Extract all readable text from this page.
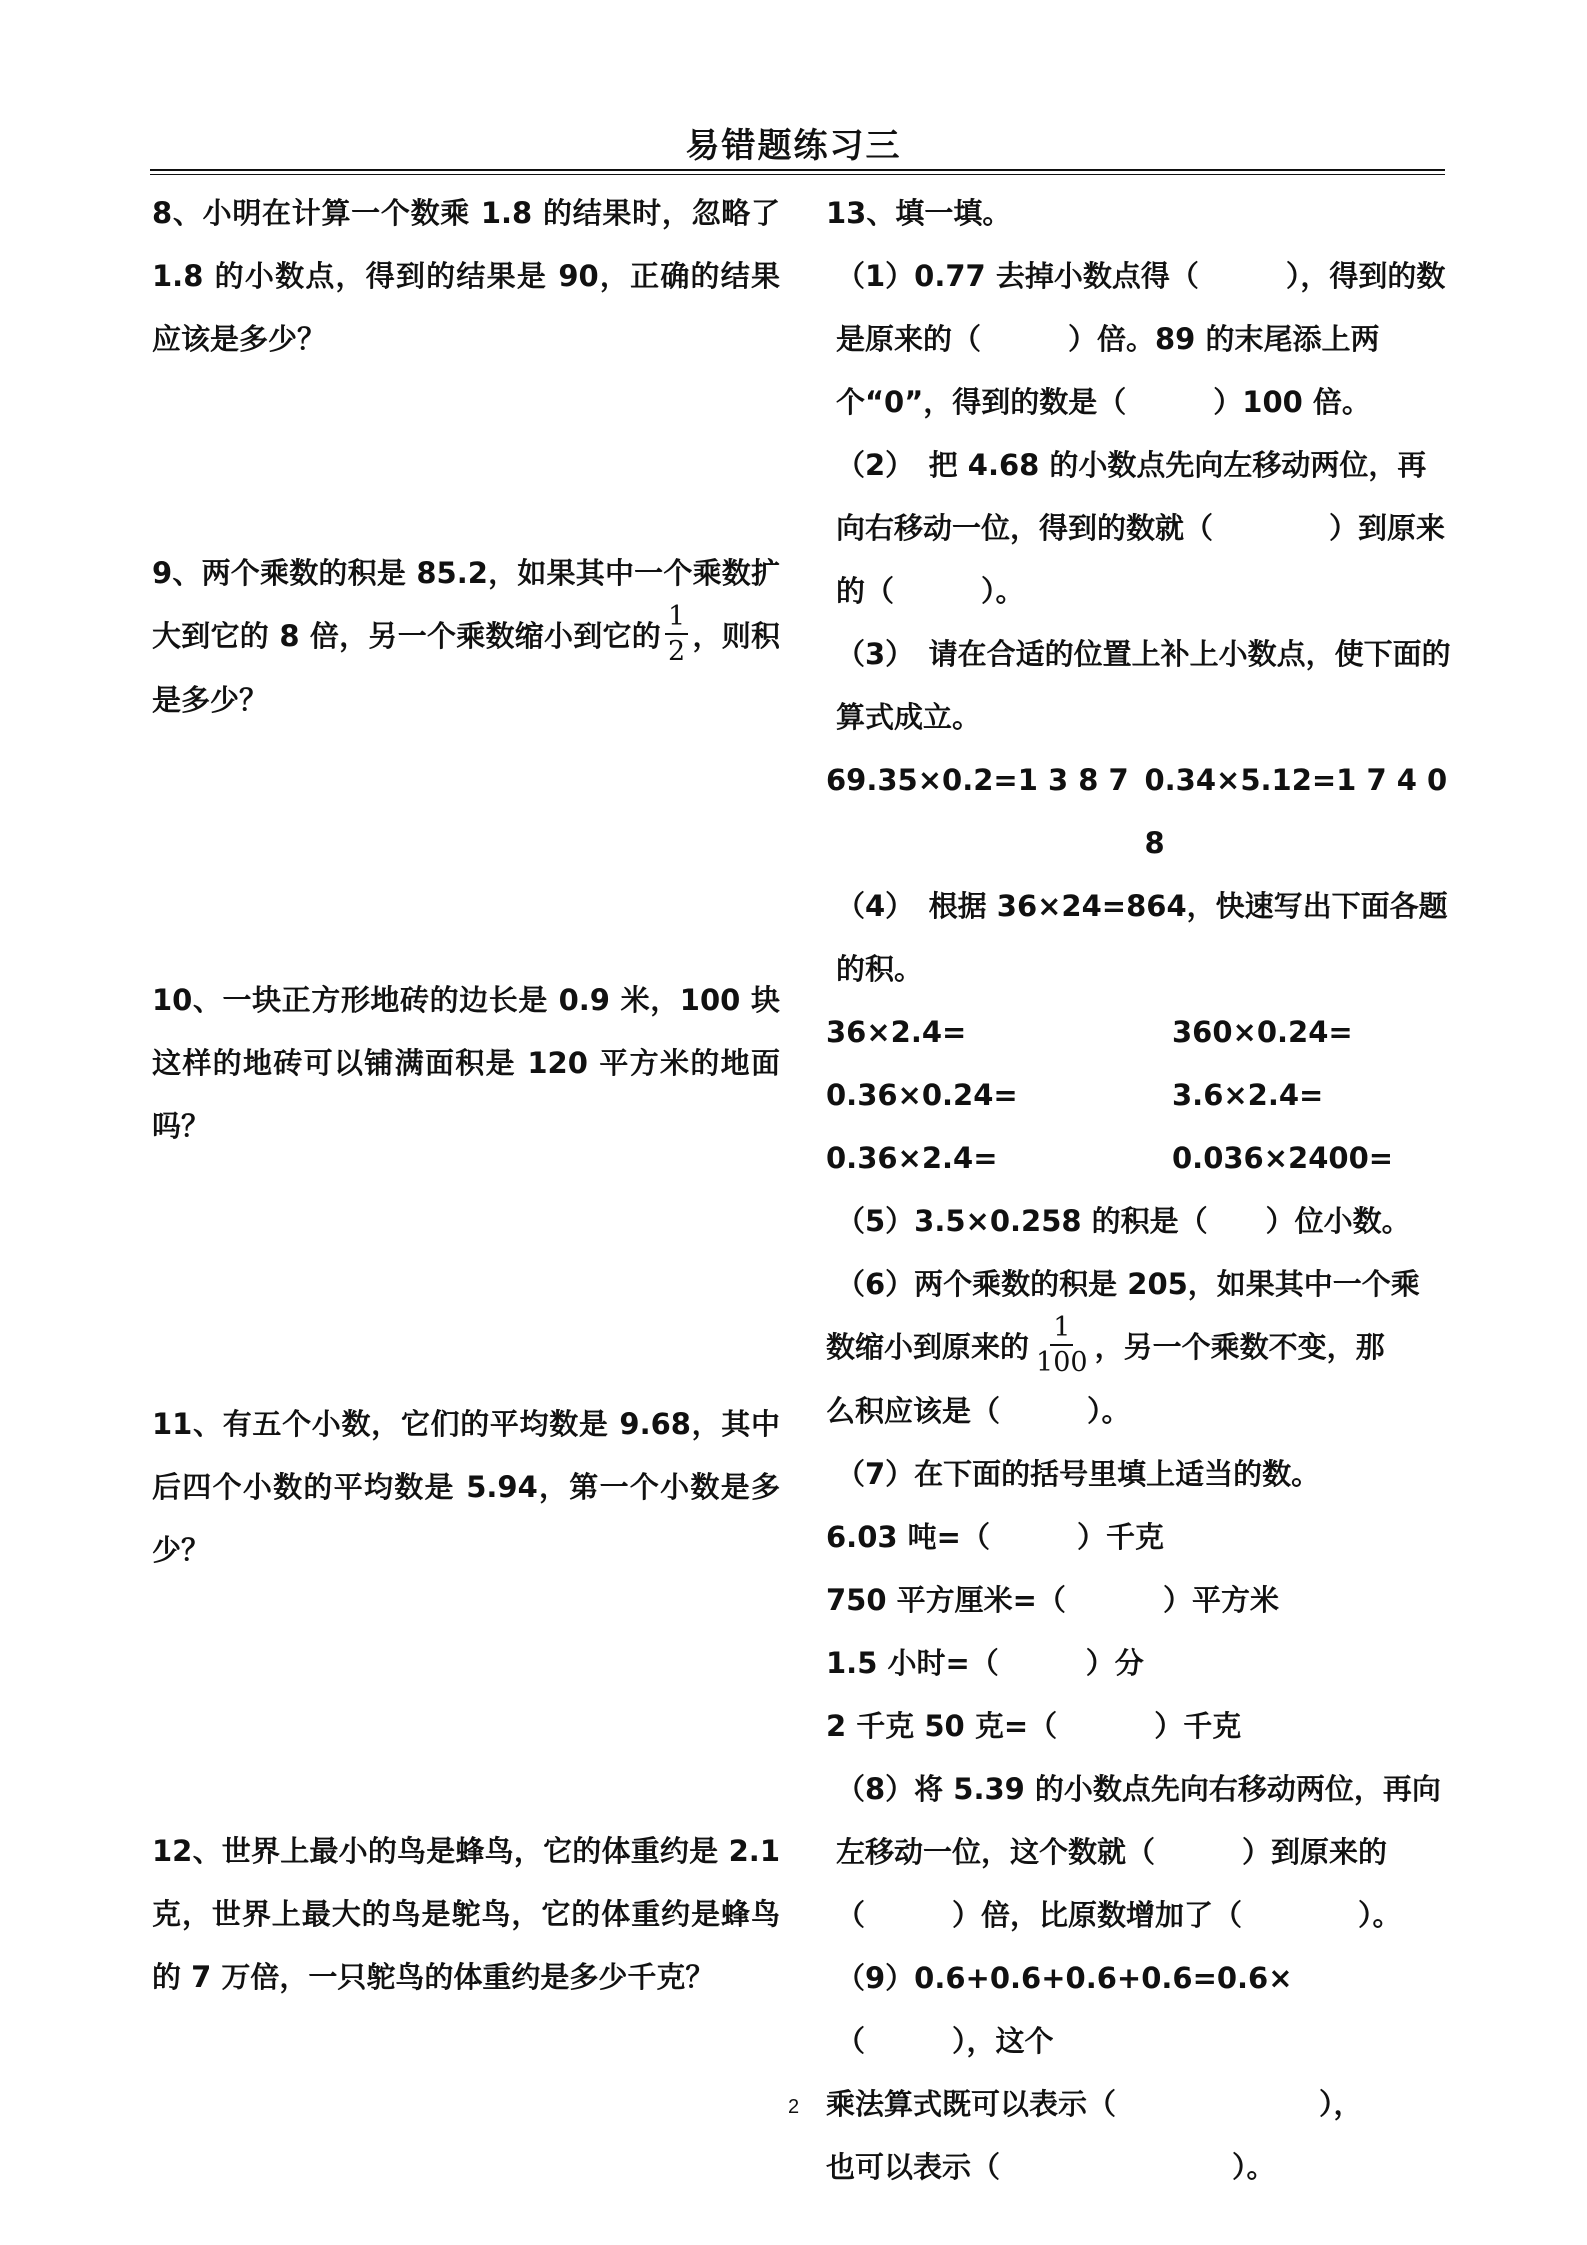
易错题练习三

8、小明在计算一个数乘 1.8 的结果时，忽略了 1.8 的小数点，得到的结果是 90，正确的结果应该是多少？

9、两个乘数的积是 85.2，如果其中一个乘数扩大到它的 8 倍，另一个乘数缩小到它的 $\frac{1}{2}$ ，则积是多少？

10、一块正方形地砖的边长是 0.9 米，100 块这样的地砖可以铺满面积是 120 平方米的地面吗？

11、有五个小数，它们的平均数是 9.68，其中后四个小数的平均数是 5.94，第一个小数是多少？

12、世界上最小的鸟是蜂鸟，它的体重约是 2.1 克，世界上最大的鸟是鸵鸟，它的体重约是蜂鸟的 7 万倍，一只鸵鸟的体重约是多少千克？

13、填一填。

（1）0.77 去掉小数点得（　　　），得到的数是原来的（　　　）倍。89 的末尾添上两个“0”，得到的数是（　　　）100 倍。

（2）　把 4.68 的小数点先向左移动两位，再向右移动一位，得到的数就（　　　　）到原来的（　　　）。

（3）　请在合适的位置上补上小数点，使下面的算式成立。

69.35×0.2=1 3 8 7 0.34×5.12=1 7 4 0 8

（4）　根据 36×24=864，快速写出下面各题的积。

36×2.4=	360×0.24=

0.36×0.24=	3.6×2.4=

0.36×2.4=	0.036×2400=

（5）3.5×0.258 的积是（　　）位小数。

（6）两个乘数的积是 205，如果其中一个乘

数缩小到原来的 $\frac{1}{100}$ ，另一个乘数不变，那

么积应该是（　　　）。

（7）在下面的括号里填上适当的数。

6.03 吨=（　　　）千克

750 平方厘米=（　　　 ）平方米

1.5 小时=（　　　）分

2 千克 50 克=（　　　 ）千克

（8）将 5.39 的小数点先向右移动两位，再向左移动一位，这个数就（　　　）到原来的（　　　）倍，比原数增加了（　　　　）。

（9）0.6+0.6+0.6+0.6=0.6×（　　　），这个

乘法算式既可以表示（　　　　　　　），

也可以表示（　　　　　　　　）。

2
